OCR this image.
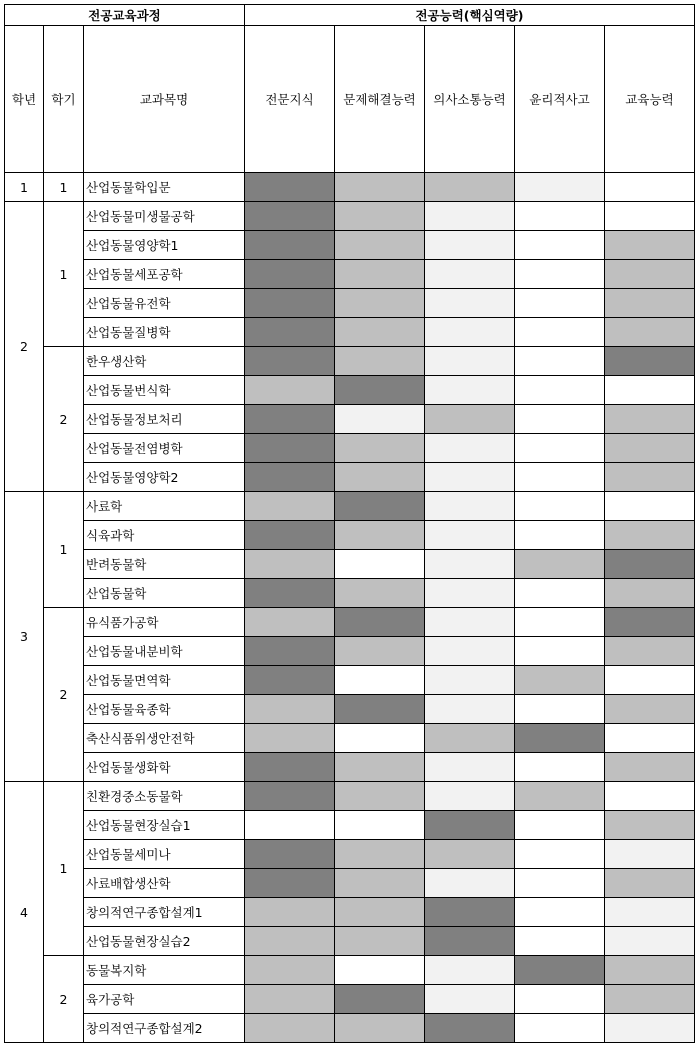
전공교육과정			전공능력(핵심역량)				
학년	학기	교과목명	전문지식	문제해결능력	의사소통능력	윤리적사고	교육능력
1	1	산업동물학입문					
2	1	산업동물미생물공학					
		산업동물영양학1					
		산업동물세포공학					
		산업동물유전학					
		산업동물질병학					
	2	한우생산학					
		산업동물번식학					
		산업동물정보처리					
		산업동물전염병학					
		산업동물영양학2					
3	1	사료학					
		식육과학					
		반려동물학					
		산업동물학					
	2	유식품가공학					
		산업동물내분비학					
		산업동물면역학					
		산업동물육종학					
		축산식품위생안전학					
		산업동물생화학					
4	1	친환경중소동물학					
		산업동물현장실습1					
		산업동물세미나					
		사료배합생산학					
		창의적연구종합설계1					
		산업동물현장실습2					
	2	동물복지학					
		육가공학					
		창의적연구종합설계2					
